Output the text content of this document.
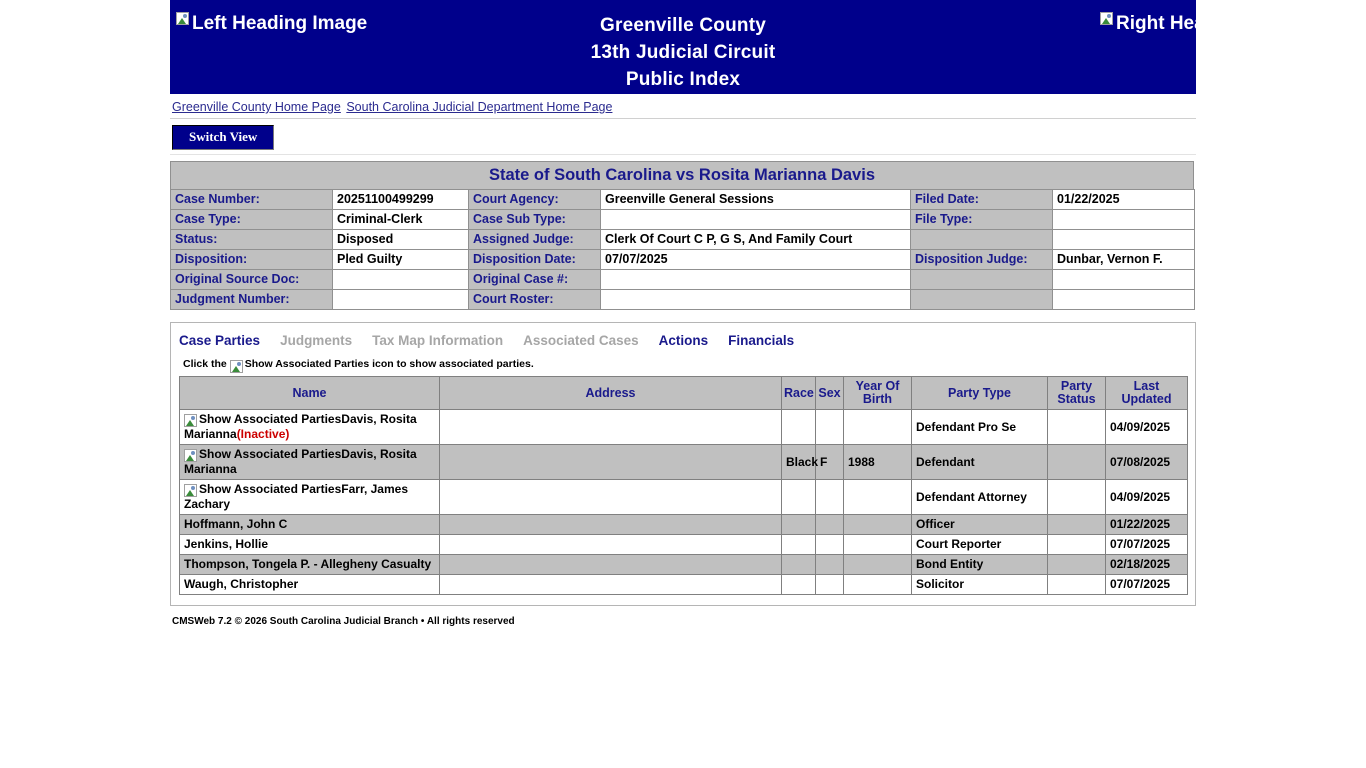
Left Heading Image	Greenville County
13th Judicial Circuit
Public Index
Right Heading Image
Greenville County Home Page South Carolina Judicial Department Home Page
Switch View
State of South Carolina vs Rosita Marianna Davis
Case Number:	20251100499299	Court Agency:	Greenville General Sessions	Filed Date:	01/22/2025
Case Type:	Criminal-Clerk	Case Sub Type:		File Type:	
Status:	Disposed	Assigned Judge:	Clerk Of Court C P, G S, And Family Court		
Disposition:	Pled Guilty	Disposition Date:	07/07/2025	Disposition Judge:	Dunbar, Vernon F.
Original Source Doc:		Original Case #:			
Judgment Number:		Court Roster:			
Case Parties Judgments Tax Map Information Associated Cases Actions Financials
Click the
Show Associated Parties icon to show associated parties.
Name	Address	Race	Sex	Year Of Birth	Party Type	Party Status	Last Updated

Show Associated PartiesDavis, Rosita Marianna(Inactive)					Defendant Pro Se		04/09/2025

Show Associated PartiesDavis, Rosita Marianna		Black	F	1988	Defendant		07/08/2025

Show Associated PartiesFarr, James Zachary					Defendant Attorney		04/09/2025
Hoffmann, John C					Officer		01/22/2025
Jenkins, Hollie					Court Reporter		07/07/2025
Thompson, Tongela P. - Allegheny Casualty					Bond Entity		02/18/2025
Waugh, Christopher					Solicitor		07/07/2025
CMSWeb 7.2 © 2026 South Carolina Judicial Branch • All rights reserved
